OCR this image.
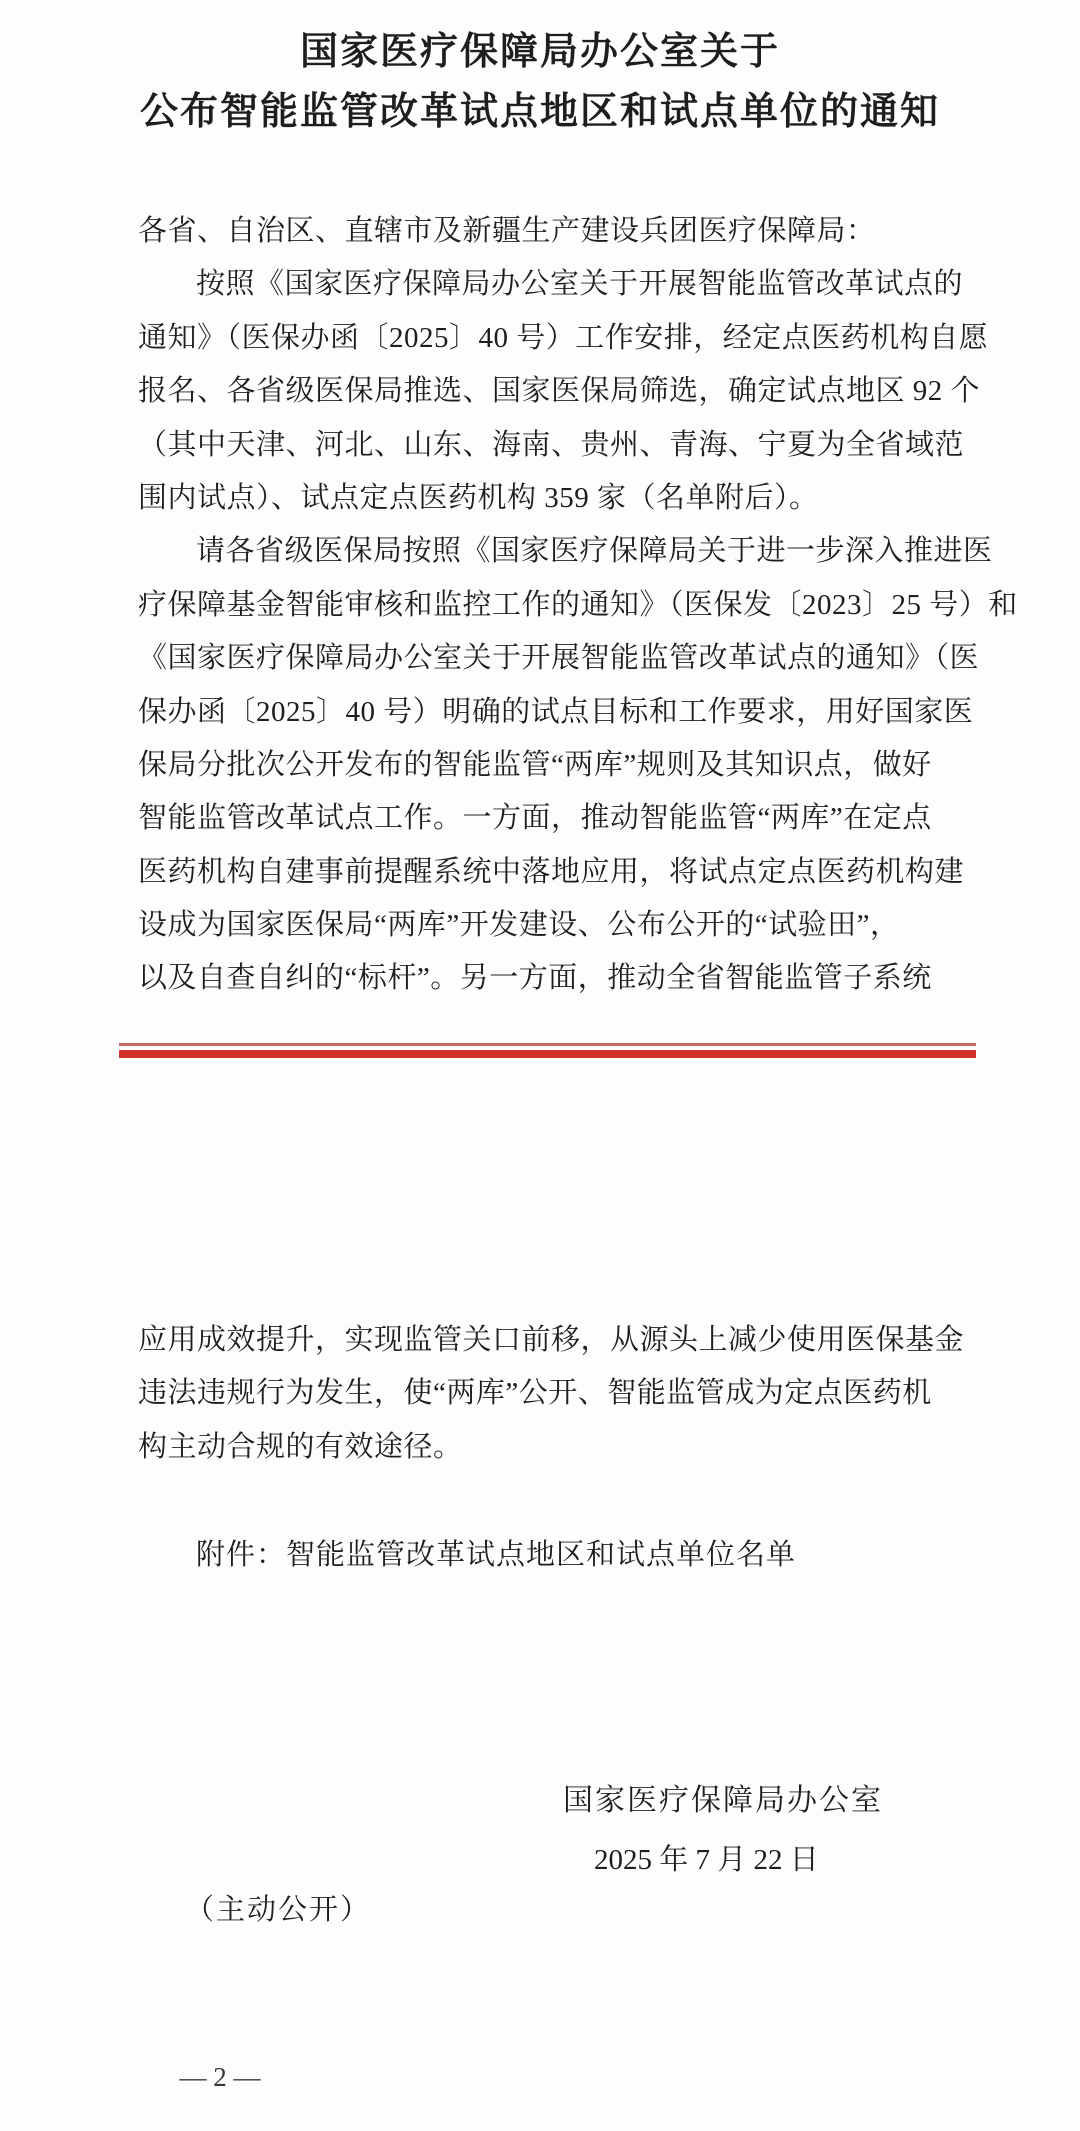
国家医疗保障局办公室关于
公布智能监管改革试点地区和试点单位的通知
各省、自治区、直辖市及新疆生产建设兵团医疗保障局：
按照《国家医疗保障局办公室关于开展智能监管改革试点的
通知》（医保办函〔2025〕40 号）工作安排，经定点医药机构自愿
报名、各省级医保局推选、国家医保局筛选，确定试点地区 92 个
（其中天津、河北、山东、海南、贵州、青海、宁夏为全省域范
围内试点）、试点定点医药机构 359 家（名单附后）。
请各省级医保局按照《国家医疗保障局关于进一步深入推进医
疗保障基金智能审核和监控工作的通知》（医保发〔2023〕25 号）和
《国家医疗保障局办公室关于开展智能监管改革试点的通知》（医
保办函〔2025〕40 号）明确的试点目标和工作要求，用好国家医
保局分批次公开发布的智能监管“两库”规则及其知识点，做好
智能监管改革试点工作。一方面，推动智能监管“两库”在定点
医药机构自建事前提醒系统中落地应用，将试点定点医药机构建
设成为国家医保局“两库”开发建设、公布公开的“试验田”，
以及自查自纠的“标杆”。另一方面，推动全省智能监管子系统
应用成效提升，实现监管关口前移，从源头上减少使用医保基金
违法违规行为发生，使“两库”公开、智能监管成为定点医药机
构主动合规的有效途径。
附件：智能监管改革试点地区和试点单位名单
国家医疗保障局办公室
2025 年 7 月 22 日
（主动公开）
— 2 —
